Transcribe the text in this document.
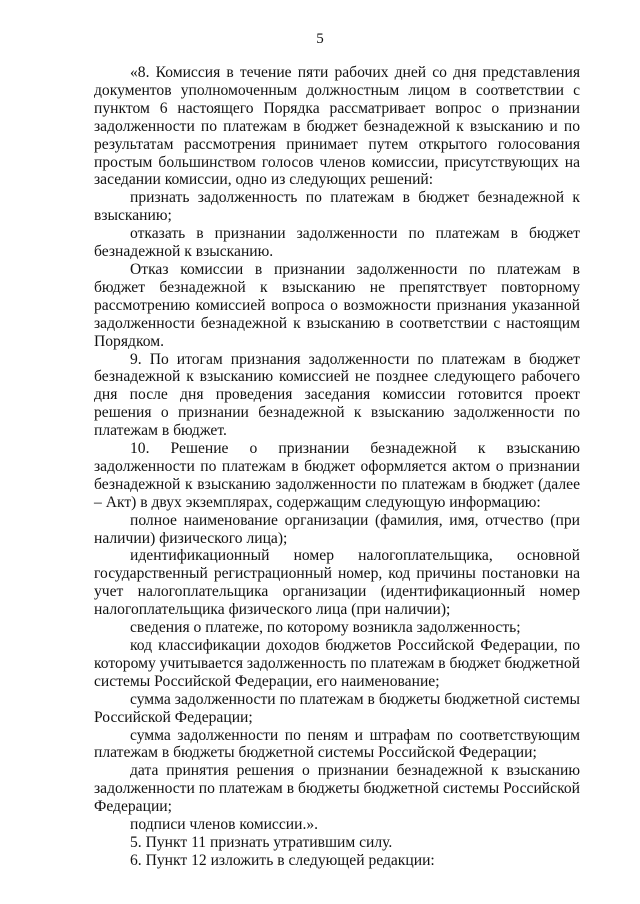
5

«8. Комиссия в течение пяти рабочих дней со дня представления документов уполномоченным должностным лицом в соответствии с пунктом 6 настоящего Порядка рассматривает вопрос о признании задолженности по платежам в бюджет безнадежной к взысканию и по результатам рассмотрения принимает путем открытого голосования простым большинством голосов членов комиссии, присутствующих на заседании комиссии, одно из следующих решений:

признать задолженность по платежам в бюджет безнадежной к взысканию;

отказать в признании задолженности по платежам в бюджет безнадежной к взысканию.

Отказ комиссии в признании задолженности по платежам в бюджет безнадежной к взысканию не препятствует повторному рассмотрению комиссией вопроса о возможности признания указанной задолженности безнадежной к взысканию в соответствии с настоящим Порядком.

9. По итогам признания задолженности по платежам в бюджет безнадежной к взысканию комиссией не позднее следующего рабочего дня после дня проведения заседания комиссии готовится проект решения о признании безнадежной к взысканию задолженности по платежам в бюджет.

10. Решение о признании безнадежной к взысканию задолженности по платежам в бюджет оформляется актом о признании безнадежной к взысканию задолженности по платежам в бюджет (далее – Акт) в двух экземплярах, содержащим следующую информацию:

полное наименование организации (фамилия, имя, отчество (при наличии) физического лица);

идентификационный номер налогоплательщика, основной государственный регистрационный номер, код причины постановки на учет налогоплательщика организации (идентификационный номер налогоплательщика физического лица (при наличии);

сведения о платеже, по которому возникла задолженность;

код классификации доходов бюджетов Российской Федерации, по которому учитывается задолженность по платежам в бюджет бюджетной системы Российской Федерации, его наименование;

сумма задолженности по платежам в бюджеты бюджетной системы Российской Федерации;

сумма задолженности по пеням и штрафам по соответствующим платежам в бюджеты бюджетной системы Российской Федерации;

дата принятия решения о признании безнадежной к взысканию задолженности по платежам в бюджеты бюджетной системы Российской Федерации;

подписи членов комиссии.».

5. Пункт 11 признать утратившим силу.

6. Пункт 12 изложить в следующей редакции:
